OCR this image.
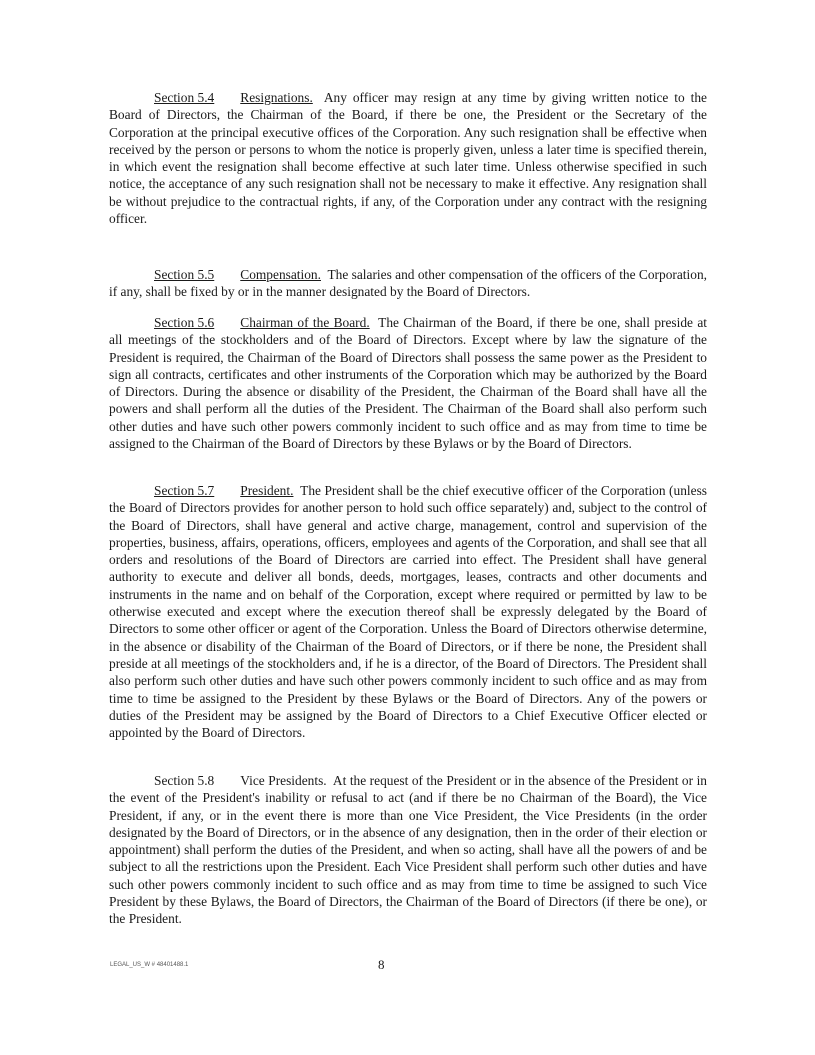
Section 5.4 Resignations. Any officer may resign at any time by giving written notice to the Board of Directors, the Chairman of the Board, if there be one, the President or the Secretary of the Corporation at the principal executive offices of the Corporation. Any such resignation shall be effective when received by the person or persons to whom the notice is properly given, unless a later time is specified therein, in which event the resignation shall become effective at such later time. Unless otherwise specified in such notice, the acceptance of any such resignation shall not be necessary to make it effective. Any resignation shall be without prejudice to the contractual rights, if any, of the Corporation under any contract with the resigning officer.

Section 5.5 Compensation. The salaries and other compensation of the officers of the Corporation, if any, shall be fixed by or in the manner designated by the Board of Directors.

Section 5.6 Chairman of the Board. The Chairman of the Board, if there be one, shall preside at all meetings of the stockholders and of the Board of Directors. Except where by law the signature of the President is required, the Chairman of the Board of Directors shall possess the same power as the President to sign all contracts, certificates and other instruments of the Corporation which may be authorized by the Board of Directors. During the absence or disability of the President, the Chairman of the Board shall have all the powers and shall perform all the duties of the President. The Chairman of the Board shall also perform such other duties and have such other powers commonly incident to such office and as may from time to time be assigned to the Chairman of the Board of Directors by these Bylaws or by the Board of Directors.

Section 5.7 President. The President shall be the chief executive officer of the Corporation (unless the Board of Directors provides for another person to hold such office separately) and, subject to the control of the Board of Directors, shall have general and active charge, management, control and supervision of the properties, business, affairs, operations, officers, employees and agents of the Corporation, and shall see that all orders and resolutions of the Board of Directors are carried into effect. The President shall have general authority to execute and deliver all bonds, deeds, mortgages, leases, contracts and other documents and instruments in the name and on behalf of the Corporation, except where required or permitted by law to be otherwise executed and except where the execution thereof shall be expressly delegated by the Board of Directors to some other officer or agent of the Corporation. Unless the Board of Directors otherwise determine, in the absence or disability of the Chairman of the Board of Directors, or if there be none, the President shall preside at all meetings of the stockholders and, if he is a director, of the Board of Directors. The President shall also perform such other duties and have such other powers commonly incident to such office and as may from time to time be assigned to the President by these Bylaws or the Board of Directors. Any of the powers or duties of the President may be assigned by the Board of Directors to a Chief Executive Officer elected or appointed by the Board of Directors.

Section 5.8 Vice Presidents. At the request of the President or in the absence of the President or in the event of the President's inability or refusal to act (and if there be no Chairman of the Board), the Vice President, if any, or in the event there is more than one Vice President, the Vice Presidents (in the order designated by the Board of Directors, or in the absence of any designation, then in the order of their election or appointment) shall perform the duties of the President, and when so acting, shall have all the powers of and be subject to all the restrictions upon the President. Each Vice President shall perform such other duties and have such other powers commonly incident to such office and as may from time to time be assigned to such Vice President by these Bylaws, the Board of Directors, the Chairman of the Board of Directors (if there be one), or the President.

LEGAL_US_W # 48401488.1	8
